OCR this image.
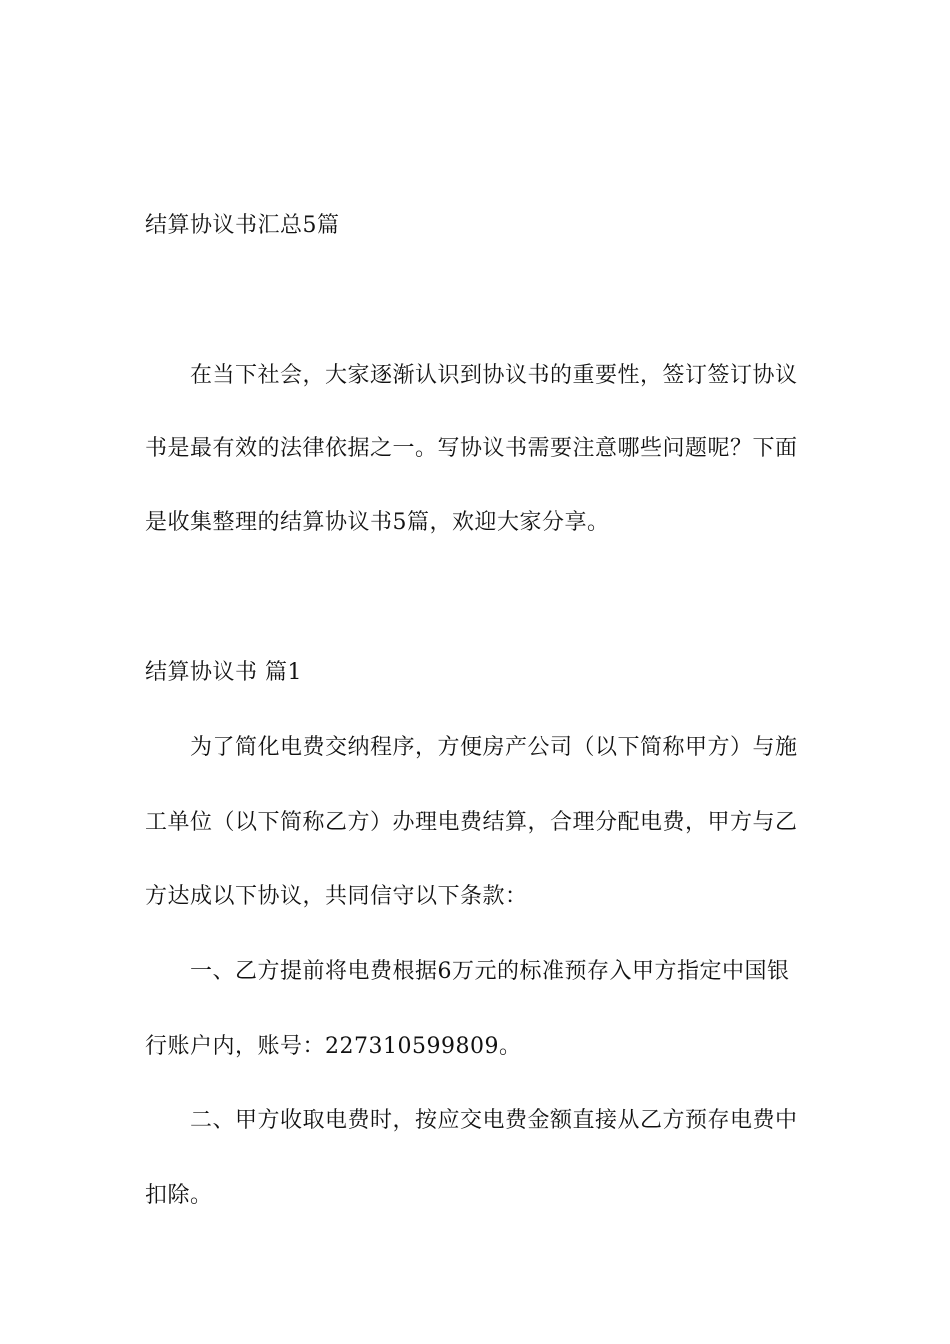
结算协议书汇总5篇
在当下社会，大家逐渐认识到协议书的重要性，签订签订协议
书是最有效的法律依据之一。写协议书需要注意哪些问题呢？下面
是收集整理的结算协议书5篇，欢迎大家分享。
结算协议书 篇1
为了简化电费交纳程序，方便房产公司（以下简称甲方）与施
工单位（以下简称乙方）办理电费结算，合理分配电费，甲方与乙
方达成以下协议，共同信守以下条款：
一、乙方提前将电费根据6万元的标准预存入甲方指定中国银
行账户内，账号：227310599809。
二、甲方收取电费时，按应交电费金额直接从乙方预存电费中
扣除。
